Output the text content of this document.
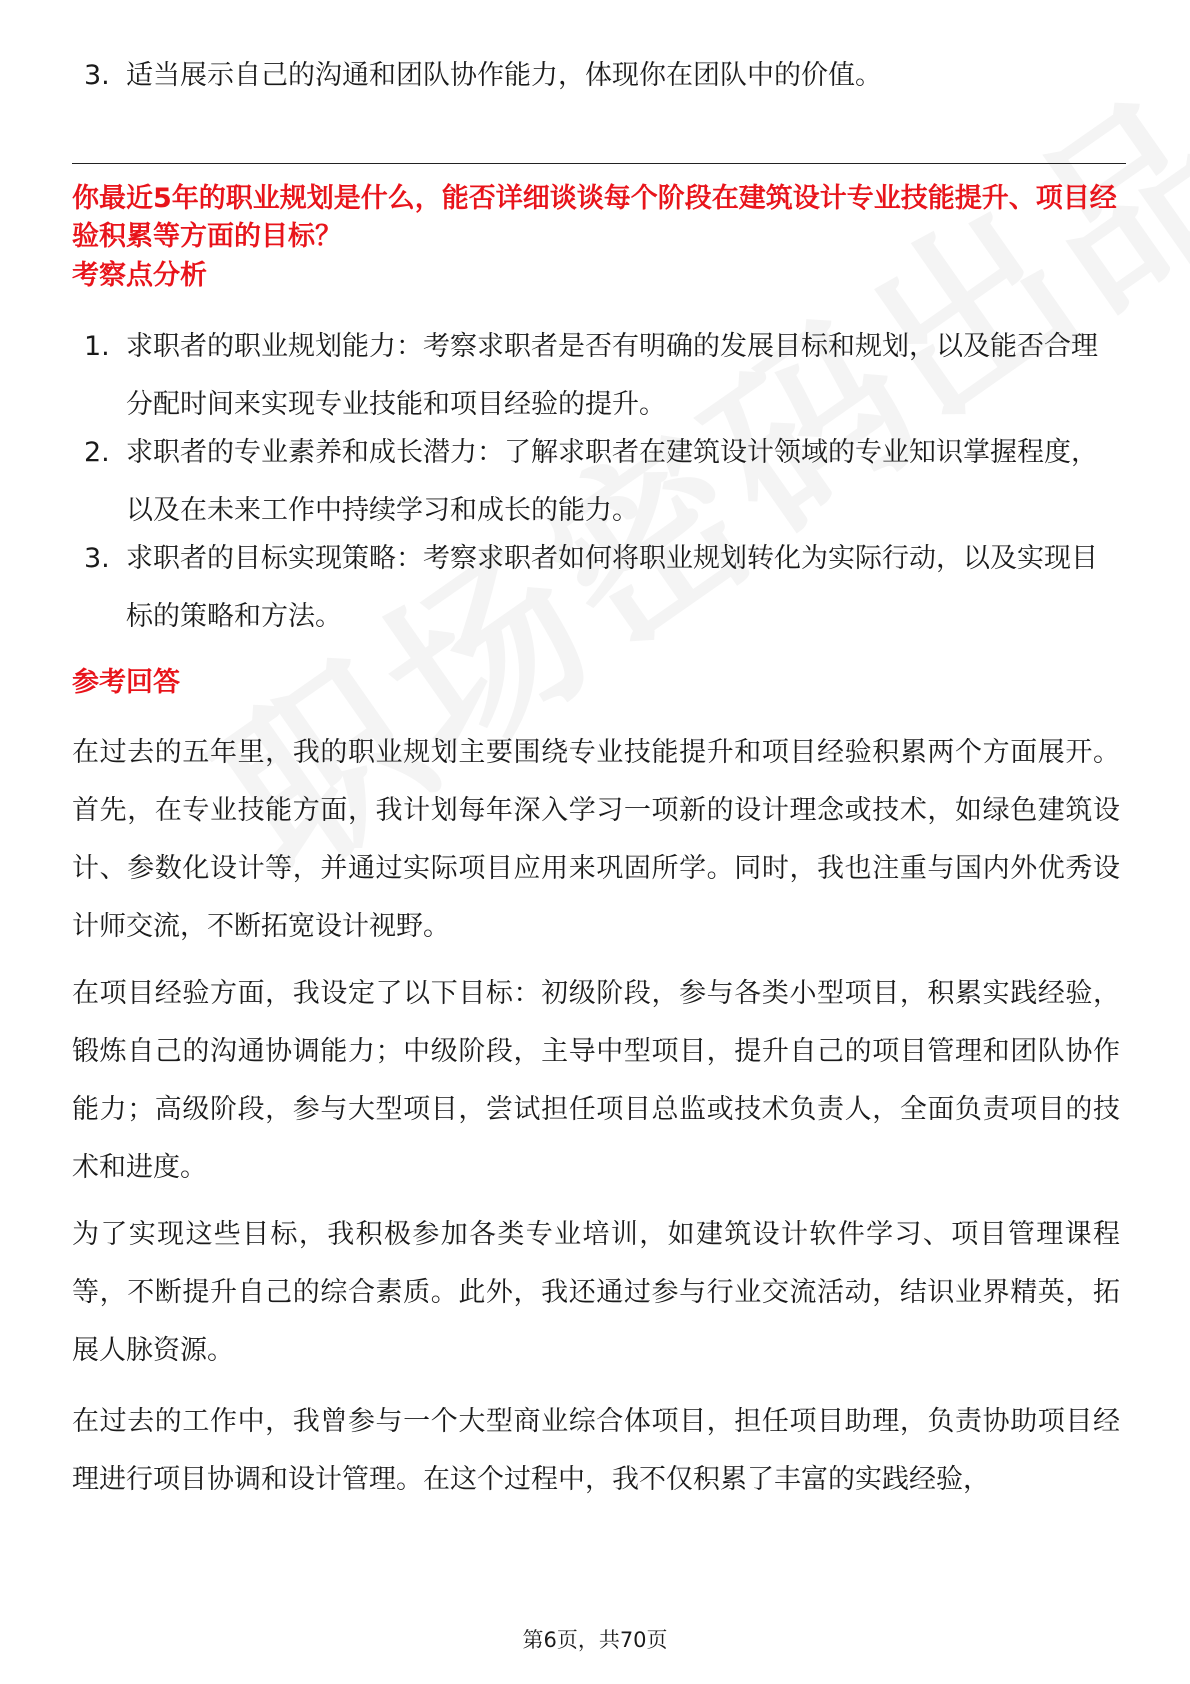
3. 适当展示自己的沟通和团队协作能力，体现你在团队中的价值。
你最近5年的职业规划是什么，能否详细谈谈每个阶段在建筑设计专业技能提升、项目经验积累等方面的目标？
考察点分析
1. 求职者的职业规划能力：考察求职者是否有明确的发展目标和规划，以及能否合理分配时间来实现专业技能和项目经验的提升。
2. 求职者的专业素养和成长潜力：了解求职者在建筑设计领域的专业知识掌握程度，以及在未来工作中持续学习和成长的能力。
3. 求职者的目标实现策略：考察求职者如何将职业规划转化为实际行动，以及实现目标的策略和方法。
参考回答
在过去的五年里，我的职业规划主要围绕专业技能提升和项目经验积累两个方面展开。首先，在专业技能方面，我计划每年深入学习一项新的设计理念或技术，如绿色建筑设计、参数化设计等，并通过实际项目应用来巩固所学。同时，我也注重与国内外优秀设计师交流，不断拓宽设计视野。
在项目经验方面，我设定了以下目标：初级阶段，参与各类小型项目，积累实践经验，锻炼自己的沟通协调能力；中级阶段，主导中型项目，提升自己的项目管理和团队协作能力；高级阶段，参与大型项目，尝试担任项目总监或技术负责人，全面负责项目的技术和进度。
为了实现这些目标，我积极参加各类专业培训，如建筑设计软件学习、项目管理课程等，不断提升自己的综合素质。此外，我还通过参与行业交流活动，结识业界精英，拓展人脉资源。
在过去的工作中，我曾参与一个大型商业综合体项目，担任项目助理，负责协助项目经理进行项目协调和设计管理。在这个过程中，我不仅积累了丰富的实践经验，
第6页，共70页
